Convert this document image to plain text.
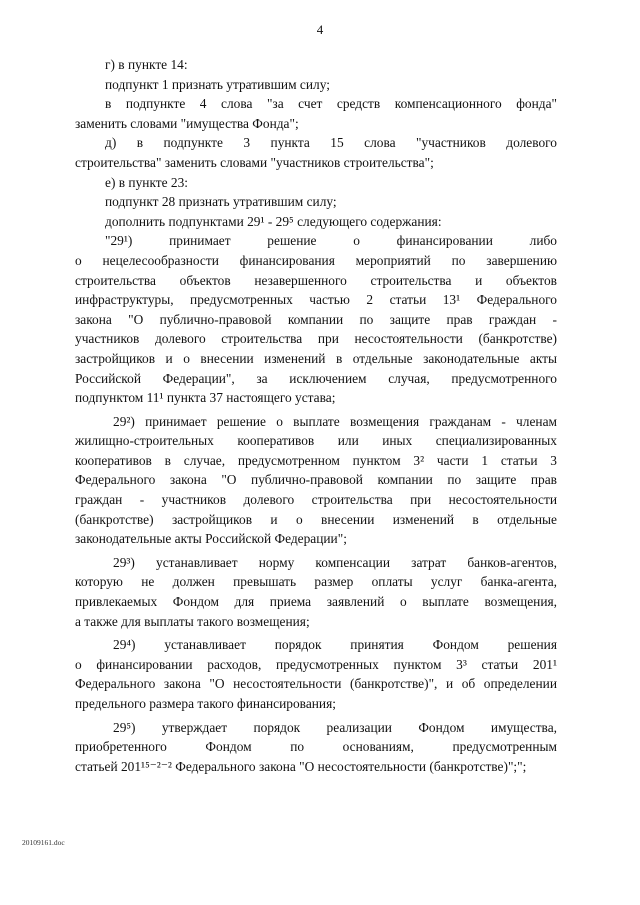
4
г) в пункте 14:
подпункт 1 признать утратившим силу;
в подпункте 4 слова "за счет средств компенсационного фонда"
заменить словами "имущества Фонда";
д) в подпункте 3 пункта 15 слова "участников долевого
строительства" заменить словами "участников строительства";
е) в пункте 23:
подпункт 28 признать утратившим силу;
дополнить подпунктами 29¹ - 29⁵ следующего содержания:
"29¹) принимает решение о финансировании либо
о нецелесообразности финансирования мероприятий по завершению
строительства объектов незавершенного строительства и объектов
инфраструктуры, предусмотренных частью 2 статьи 13¹ Федерального
закона "О публично-правовой компании по защите прав граждан -
участников долевого строительства при несостоятельности (банкротстве)
застройщиков и о внесении изменений в отдельные законодательные акты
Российской Федерации", за исключением случая, предусмотренного
подпунктом 11¹ пункта 37 настоящего устава;
29²) принимает решение о выплате возмещения гражданам - членам
жилищно-строительных кооперативов или иных специализированных
кооперативов в случае, предусмотренном пунктом 3² части 1 статьи 3
Федерального закона "О публично-правовой компании по защите прав
граждан - участников долевого строительства при несостоятельности
(банкротстве) застройщиков и о внесении изменений в отдельные
законодательные акты Российской Федерации";
29³) устанавливает норму компенсации затрат банков-агентов,
которую не должен превышать размер оплаты услуг банка-агента,
привлекаемых Фондом для приема заявлений о выплате возмещения,
а также для выплаты такого возмещения;
29⁴) устанавливает порядок принятия Фондом решения
о финансировании расходов, предусмотренных пунктом 3³ статьи 201¹
Федерального закона "О несостоятельности (банкротстве)", и об определении
предельного размера такого финансирования;
29⁵) утверждает порядок реализации Фондом имущества,
приобретенного Фондом по основаниям, предусмотренным
статьей 201¹⁵⁻²⁻² Федерального закона "О несостоятельности (банкротстве)";";
20109161.doc
